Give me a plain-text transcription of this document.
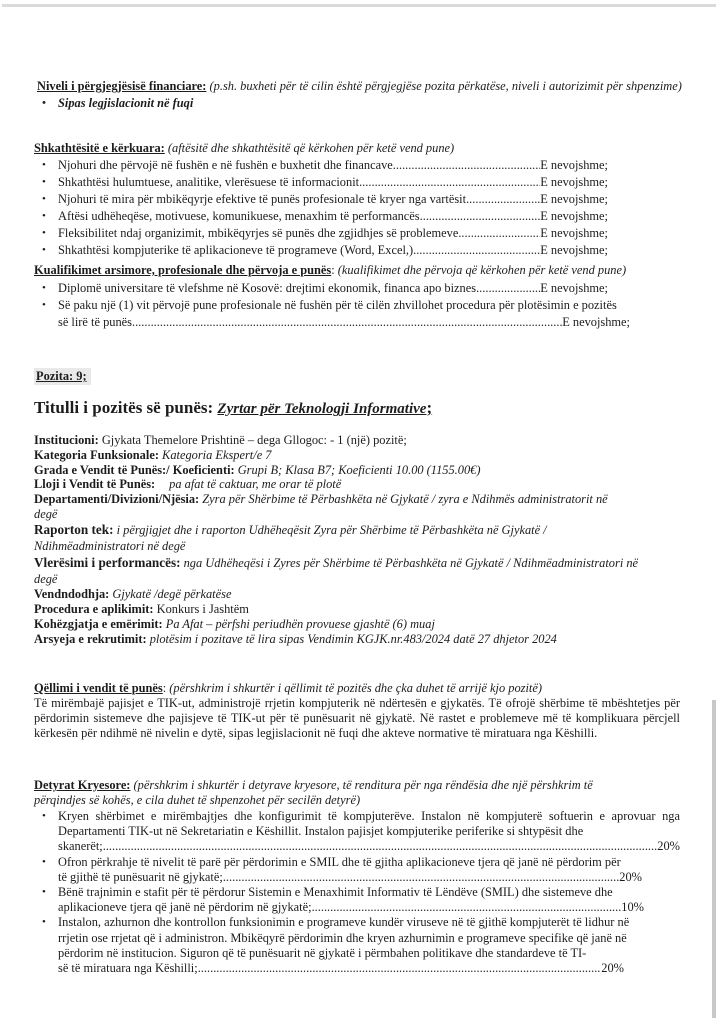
Niveli i përgjegjësisë financiare: (p.sh. buxheti për të cilin është përgjegjëse pozita përkatëse, niveli i autorizimit për shpenzime)
• Sipas legjislacionit në fuqi
Shkathtësitë e kërkuara: (aftësitë dhe shkathtësitë që kërkohen për ketë vend pune)
• Njohuri dhe përvojë në fushën e në fushën e buxhetit dhe financave .....	E nevojshme;
• Shkathtësi hulumtuese, analitike, vlerësuese të informacionit .....	E nevojshme;
• Njohuri të mira për mbikëqyrje efektive të punës profesionale të kryer nga vartësit .....	E nevojshme;
• Aftësi udhëheqëse, motivuese, komunikuese, menaxhim të performancës .....	E nevojshme;
• Fleksibilitet ndaj organizimit, mbikëqyrjes së punës dhe zgjidhjes së problemeve .....	E nevojshme;
• Shkathtësi kompjuterike të aplikacioneve të programeve (Word, Excel,) .....	E nevojshme;
Kualifikimet arsimore, profesionale dhe përvoja e punës: (kualifikimet dhe përvoja që kërkohen për ketë vend pune)
• Diplomë universitare të vlefshme në Kosovë: drejtimi ekonomik, financa apo biznes .....	E nevojshme;
• Së paku një (1) vit përvojë pune profesionale në fushën për të cilën zhvillohet procedura për plotësimin e pozitës
së lirë të punës .....	E nevojshme;
Pozita: 9;
Titulli i pozitës së punës: Zyrtar për Teknologji Informative;
Institucioni: Gjykata Themelore Prishtinë – dega Gllogoc: - 1 (një) pozitë;
Kategoria Funksionale: Kategoria Ekspert/e 7
Grada e Vendit të Punës:/ Koeficienti: Grupi B; Klasa B7; Koeficienti 10.00 (1155.00€)
Lloji i Vendit të Punës: pa afat të caktuar, me orar të plotë
Departamenti/Divizioni/Njësia: Zyra për Shërbime të Përbashkëta në Gjykatë / zyra e Ndihmës administratorit në degë
Raporton tek: i përgjigjet dhe i raporton Udhëheqësit Zyra për Shërbime të Përbashkëta në Gjykatë / Ndihmëadministratori në degë
Vlerësimi i performancës: nga Udhëheqësi i Zyres për Shërbime të Përbashkëta në Gjykatë / Ndihmëadministratori në degë
Vendndodhja: Gjykatë /degë përkatëse
Procedura e aplikimit: Konkurs i Jashtëm
Kohëzgjatja e emërimit: Pa Afat – përfshi periudhën provuese gjashtë (6) muaj
Arsyeja e rekrutimit: plotësim i pozitave të lira sipas Vendimin KGJK.nr.483/2024 datë 27 dhjetor 2024
Qëllimi i vendit të punës: (përshkrim i shkurtër i qëllimit të pozitës dhe çka duhet të arrijë kjo pozitë)
Të mirëmbajë pajisjet e TIK-ut, administrojë rrjetin kompjuterik në ndërtesën e gjykatës. Të ofrojë shërbime të mbështetjes për përdorimin sistemeve dhe pajisjeve të TIK-ut për të punësuarit në gjykatë. Në rastet e problemeve më të komplikuara përcjell kërkesën për ndihmë në nivelin e dytë, sipas legjislacionit në fuqi dhe akteve normative të miratuara nga Këshilli.
Detyrat Kryesore: (përshkrim i shkurtër i detyrave kryesore, të renditura për nga rëndësia dhe një përshkrim të përqindjes së kohës, e cila duhet të shpenzohet për secilën detyrë)
• Kryen shërbimet e mirëmbajtjes dhe konfigurimit të kompjuterëve. Instalon në kompjuterë softuerin e aprovuar nga Departamenti TIK-ut në Sekretariatin e Këshillit. Instalon pajisjet kompjuterike periferike si shtypësit dhe
skanerët; .....	20%
• Ofron përkrahje të nivelit të parë për përdorimin e SMIL dhe të gjitha aplikacioneve tjera që janë në përdorim për
të gjithë të punësuarit në gjykatë; .....	20%
• Bënë trajnimin e stafit për të përdorur Sistemin e Menaxhimit Informativ të Lëndëve (SMIL) dhe sistemeve dhe
aplikacioneve tjera që janë në përdorim në gjykatë; .....	10%
• Instalon, azhurnon dhe kontrollon funksionimin e programeve kundër viruseve në të gjithë kompjuterët të lidhur në rrjetin ose rrjetat që i administron. Mbikëqyrë përdorimin dhe kryen azhurnimin e programeve specifike që janë në përdorim në institucion. Siguron që të punësuarit në gjykatë i përmbahen politikave dhe standardeve të TI-
së të miratuara nga Këshilli; .....	20%
